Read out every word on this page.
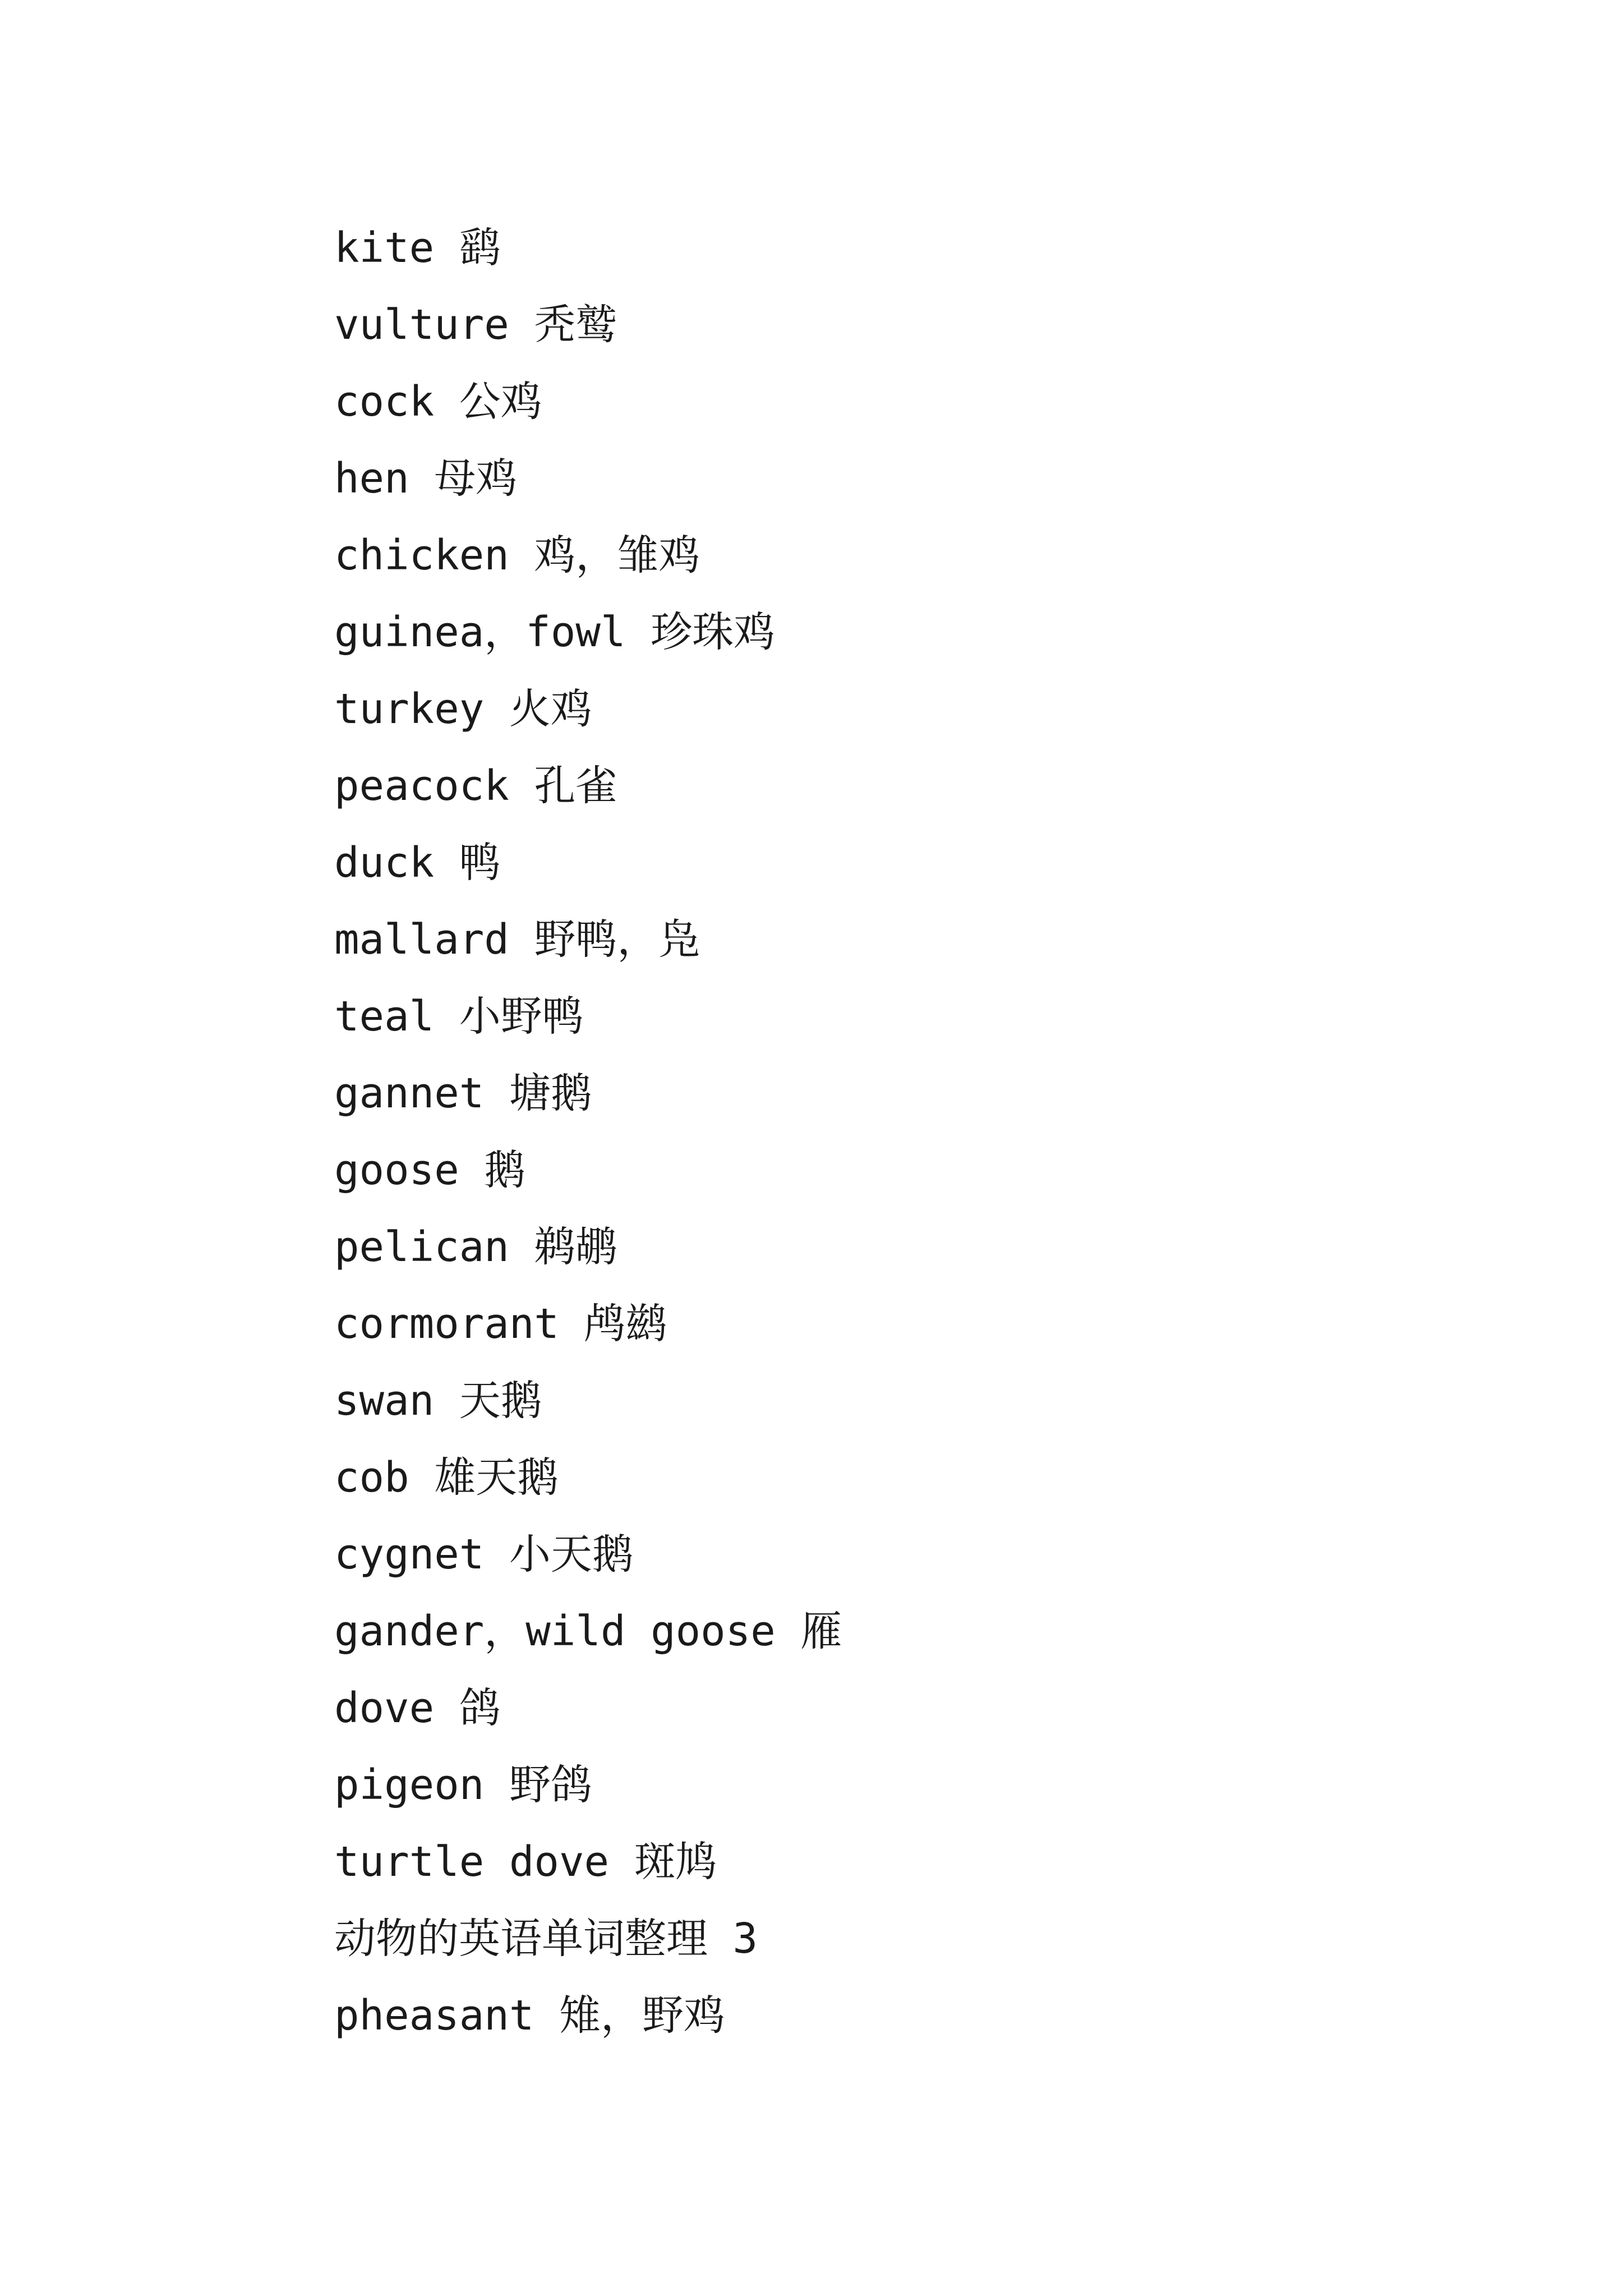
kite 鹞
vulture 秃鹫
cock 公鸡
hen 母鸡
chicken 鸡，雏鸡
guinea，fowl 珍珠鸡
turkey 火鸡
peacock 孔雀
duck 鸭
mallard 野鸭，凫
teal 小野鸭
gannet 塘鹅
goose 鹅
pelican 鹈鹕
cormorant 鸬鹚
swan 天鹅
cob 雄天鹅
cygnet 小天鹅
gander，wild goose 雁
dove 鸽
pigeon 野鸽
turtle dove 斑鸠
动物的英语单词整理 3
pheasant 雉，野鸡
